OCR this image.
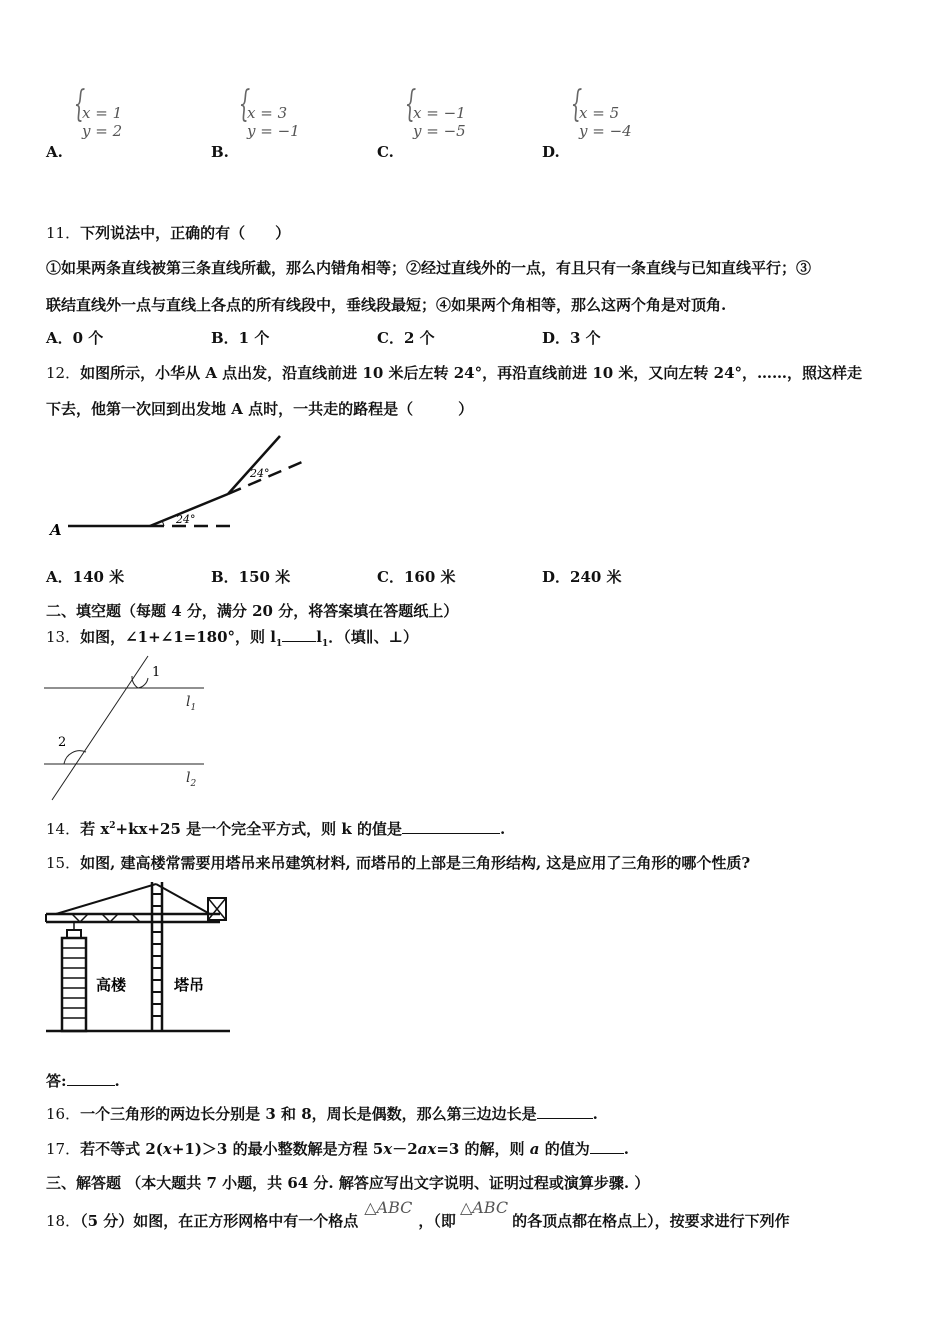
A.
{
x = 1
y = 2
B.
{
x = 3
y = −1
C.
{
x = −1
y = −5
D.
{
x = 5
y = −4
11．下列说法中，正确的有（　　）
①如果两条直线被第三条直线所截，那么内错角相等；②经过直线外的一点，有且只有一条直线与已知直线平行；③
联结直线外一点与直线上各点的所有线段中，垂线段最短；④如果两个角相等，那么这两个角是对顶角.
A．0 个	B．1 个	C．2 个	D．3 个
12．如图所示，小华从 A 点出发，沿直线前进 10 米后左转 24°，再沿直线前进 10 米，又向左转 24°，……，照这样走
下去，他第一次回到出发地 A 点时，一共走的路程是（　　　）
A
24°
24°
A．140 米	B．150 米	C．160 米	D．240 米
二、填空题（每题 4 分，满分 20 分，将答案填在答题纸上）
13．如图，∠1+∠1=180°，则 $l_1$ $l_1$．（填∥、⊥）
1
2
$l_1$
$l_2$
14．若 $x^2+kx+25$ 是一个完全平方式，则 k 的值是	.
15．如图, 建高楼常需要用塔吊来吊建筑材料, 而塔吊的上部是三角形结构, 这是应用了三角形的哪个性质?
高楼	塔吊
答:	.
16．一个三角形的两边长分别是 3 和 8，周长是偶数，那么第三边边长是	.
17．若不等式 2(x+1)＞3 的最小整数解是方程 5x－2ax=3 的解，则 a 的值为 .
三、解答题 （本大题共 7 小题，共 64 分. 解答应写出文字说明、证明过程或演算步骤. ）
18．（5 分）如图，在正方形网格中有一个格点△ABC，（即△ABC的各顶点都在格点上），按要求进行下列作
